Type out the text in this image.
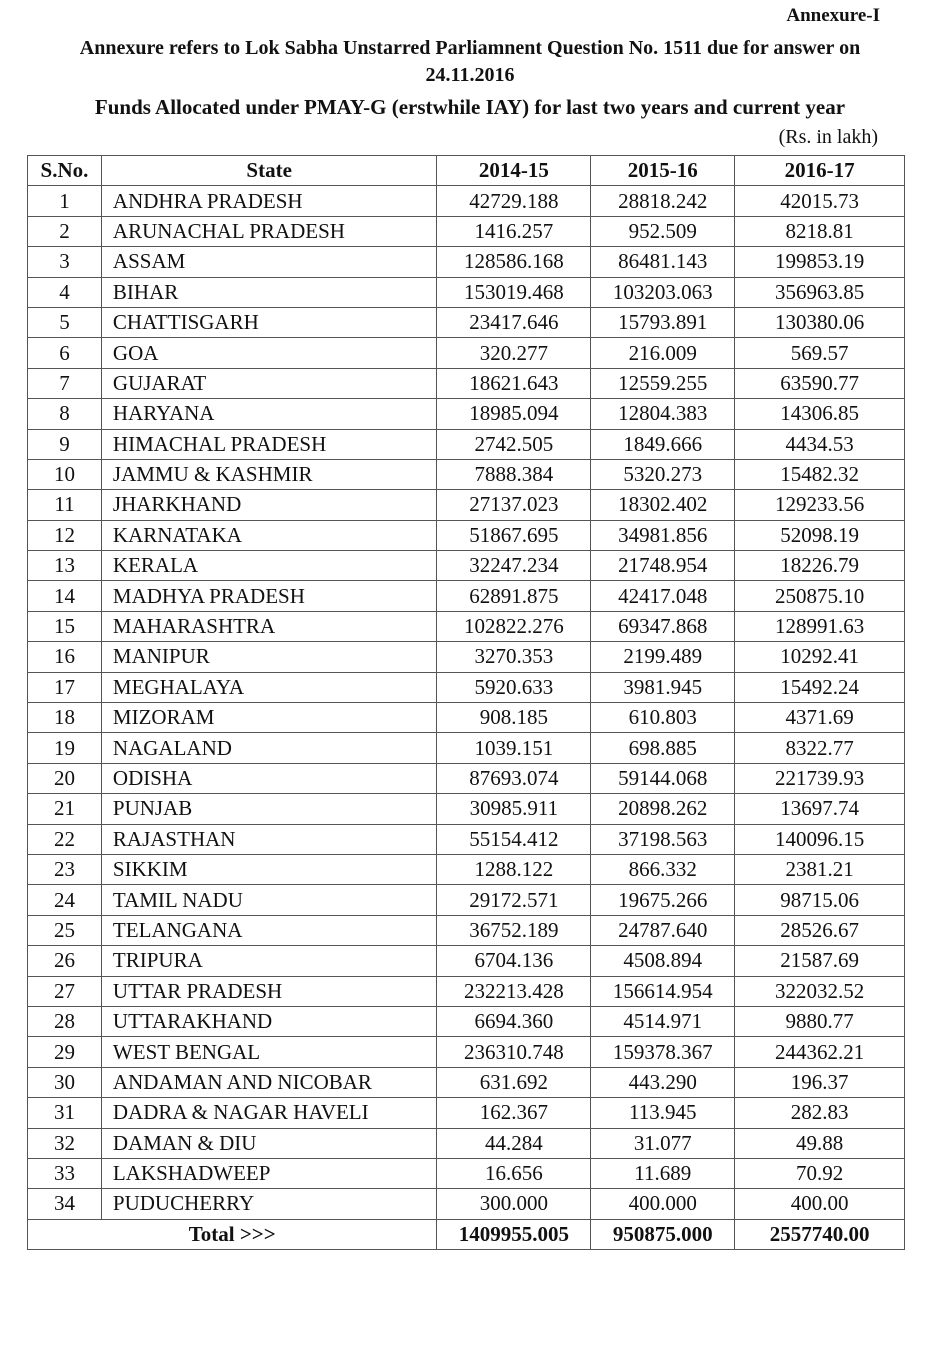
Annexure-I
Annexure refers to Lok Sabha Unstarred Parliamnent Question No. 1511 due for answer on 24.11.2016
Funds Allocated under PMAY-G (erstwhile IAY) for last two years and current year
(Rs. in lakh)
S.No.	State	2014-15	2015-16	2016-17
1	ANDHRA PRADESH	42729.188	28818.242	42015.73
2	ARUNACHAL PRADESH	1416.257	952.509	8218.81
3	ASSAM	128586.168	86481.143	199853.19
4	BIHAR	153019.468	103203.063	356963.85
5	CHATTISGARH	23417.646	15793.891	130380.06
6	GOA	320.277	216.009	569.57
7	GUJARAT	18621.643	12559.255	63590.77
8	HARYANA	18985.094	12804.383	14306.85
9	HIMACHAL PRADESH	2742.505	1849.666	4434.53
10	JAMMU & KASHMIR	7888.384	5320.273	15482.32
11	JHARKHAND	27137.023	18302.402	129233.56
12	KARNATAKA	51867.695	34981.856	52098.19
13	KERALA	32247.234	21748.954	18226.79
14	MADHYA PRADESH	62891.875	42417.048	250875.10
15	MAHARASHTRA	102822.276	69347.868	128991.63
16	MANIPUR	3270.353	2199.489	10292.41
17	MEGHALAYA	5920.633	3981.945	15492.24
18	MIZORAM	908.185	610.803	4371.69
19	NAGALAND	1039.151	698.885	8322.77
20	ODISHA	87693.074	59144.068	221739.93
21	PUNJAB	30985.911	20898.262	13697.74
22	RAJASTHAN	55154.412	37198.563	140096.15
23	SIKKIM	1288.122	866.332	2381.21
24	TAMIL NADU	29172.571	19675.266	98715.06
25	TELANGANA	36752.189	24787.640	28526.67
26	TRIPURA	6704.136	4508.894	21587.69
27	UTTAR PRADESH	232213.428	156614.954	322032.52
28	UTTARAKHAND	6694.360	4514.971	9880.77
29	WEST BENGAL	236310.748	159378.367	244362.21
30	ANDAMAN AND NICOBAR	631.692	443.290	196.37
31	DADRA & NAGAR HAVELI	162.367	113.945	282.83
32	DAMAN & DIU	44.284	31.077	49.88
33	LAKSHADWEEP	16.656	11.689	70.92
34	PUDUCHERRY	300.000	400.000	400.00
Total >>>		1409955.005	950875.000	2557740.00
